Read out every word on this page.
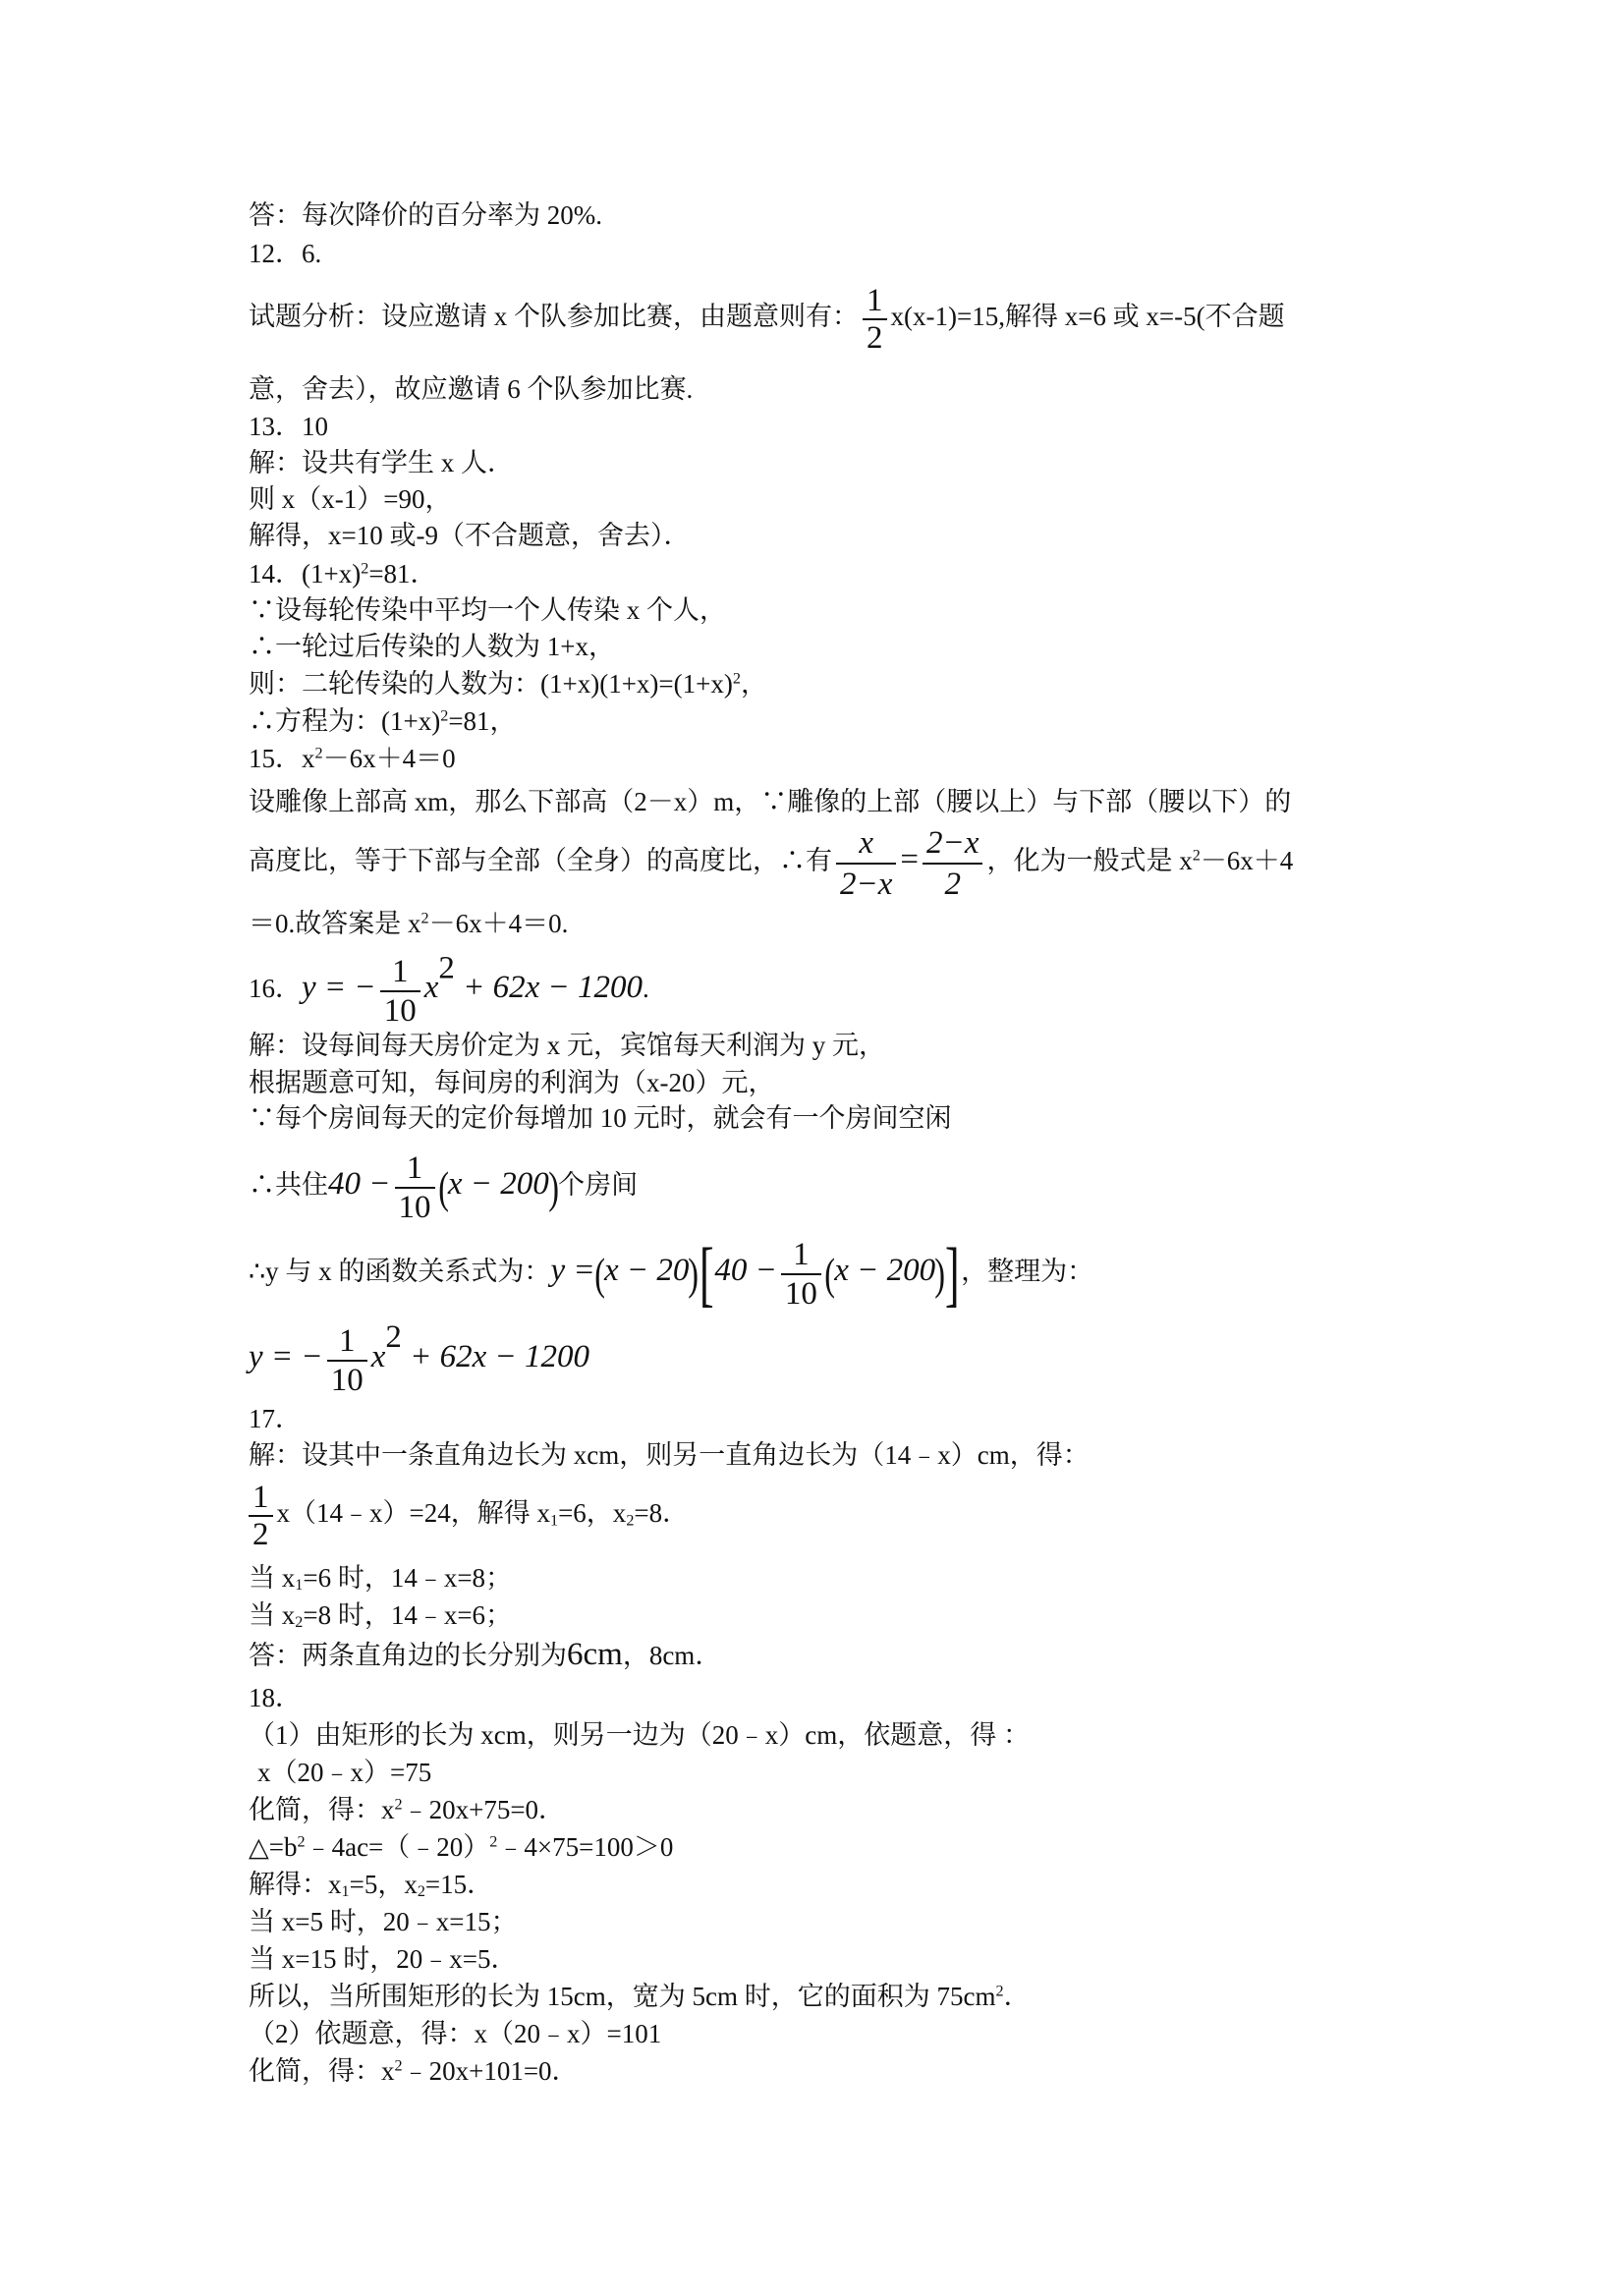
答：每次降价的百分率为 20%.
12．6.
试题分析：设应邀请 x 个队参加比赛，由题意则有： $\frac{1}{2} x(x-1)=15$,解得 x=6 或 x=-5(不合题
意，舍去），故应邀请 6 个队参加比赛.
13．10
解：设共有学生 x 人．
则 x（x-1）=90，
解得，x=10 或-9（不合题意，舍去）．
14．$(1+x)^2=81$．
∵设每轮传染中平均一个人传染 x 个人，
∴一轮过后传染的人数为 1+x，
则：二轮传染的人数为：$(1+x)(1+x)=(1+x)^2$，
∴方程为：$(1+x)^2=81$，
15．$x^2-6x+4=0$
设雕像上部高 xm，那么下部高（2－x）m，∵雕像的上部（腰以上）与下部（腰以下）的
高度比，等于下部与全部（全身）的高度比，∴有 $\frac{x}{2-x} = \frac{2-x}{2}$ ，化为一般式是 $x^2-6x+4$
＝0.故答案是 $x^2-6x+4=0$.
16．y = − $\frac{1}{10} x^2 + 62x - 1200$.
解：设每间每天房价定为 x 元，宾馆每天利润为 y 元，
根据题意可知，每间房的利润为（x-20）元，
∵每个房间每天的定价每增加 10 元时，就会有一个房间空闲
∴共住$40 - \frac{1}{10} (x - 200)$个房间
∴y 与 x 的函数关系式为：$y =(x - 20)[40 - \frac{1}{10} (x - 200)]$，整理为：
y = − $\frac{1}{10} x^2 + 62x - 1200$
17．
解：设其中一条直角边长为 xcm，则另一直角边长为（14﹣x）cm，得：
$\frac{1}{2}$ x（14﹣x）=24，解得 $x_1=6$，$x_2=8$．
当 $x_1=6$ 时，14﹣x=8；
当 $x_2=8$ 时，14﹣x=6；
答：两条直角边的长分别为6cm，8cm．
18．
（1）由矩形的长为 xcm，则另一边为（20﹣x）cm，依题意，得 ：
x（20﹣x）=75
化简，得：$x^2﹣20x+75=0$．
$\triangle=b^2﹣4ac=(﹣20)^2﹣4\times 75=100>0$
解得：$x_1=5$，$x_2=15$．
当 x=5 时，20﹣x=15；
当 x=15 时，20﹣x=5．
所以，当所围矩形的长为 15cm，宽为 5cm 时，它的面积为 $75cm^2$．
（2）依题意，得：x（20﹣x）=101
化简，得：$x^2﹣20x+101=0$．
